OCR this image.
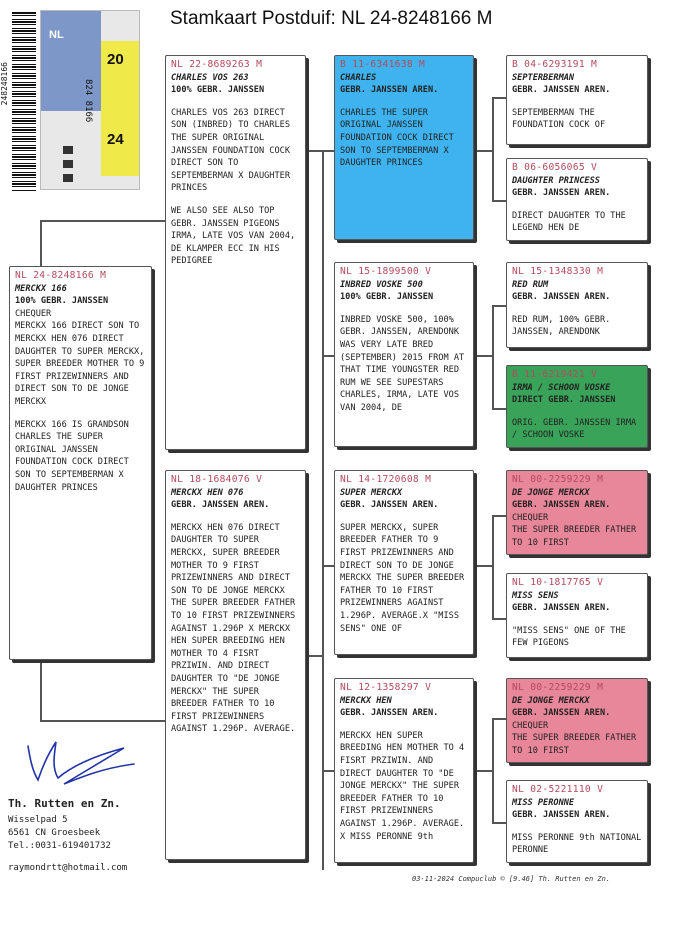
Stamkaart Postduif: NL 24-8248166 M
248248166
NL
20
24
824 8166
NL 24-8248166 M
MERCKX 166
100% GEBR. JANSSEN
CHEQUER
MERCKX 166 DIRECT SON TO MERCKX HEN 076 DIRECT DAUGHTER TO SUPER MERCKX, SUPER BREEDER MOTHER TO 9 FIRST PRIZEWINNERS AND DIRECT SON TO DE JONGE MERCKX
MERCKX 166 IS GRANDSON CHARLES THE SUPER ORIGINAL JANSSEN FOUNDATION COCK DIRECT SON TO SEPTEMBERMAN X DAUGHTER PRINCES
NL 22-8689263 M
CHARLES VOS 263
100% GEBR. JANSSEN
CHARLES VOS 263 DIRECT SON (INBRED) TO CHARLES THE SUPER ORIGINAL JANSSEN FOUNDATION COCK DIRECT SON TO SEPTEMBERMAN X DAUGHTER PRINCES
WE ALSO SEE ALSO TOP GEBR. JANSSEN PIGEONS IRMA, LATE VOS VAN 2004, DE KLAMPER ECC IN HIS PEDIGREE
NL 18-1684076 V
MERCKX HEN 076
GEBR. JANSSEN AREN.
MERCKX HEN 076 DIRECT DAUGHTER TO SUPER MERCKX, SUPER BREEDER MOTHER TO 9 FIRST PRIZEWINNERS AND DIRECT SON TO DE JONGE MERCKX THE SUPER BREEDER FATHER TO 10 FIRST PRIZEWINNERS AGAINST 1.296P X MERCKX HEN SUPER BREEDING HEN MOTHER TO 4 FISRT PRZIWIN. AND DIRECT DAUGHTER TO "DE JONGE MERCKX" THE SUPER BREEDER FATHER TO 10 FIRST PRIZEWINNERS AGAINST 1.296P. AVERAGE.
B 11-6341638 M
CHARLES
GEBR. JANSSEN AREN.
CHARLES THE SUPER ORIGINAL JANSSEN FOUNDATION COCK DIRECT SON TO SEPTEMBERMAN X DAUGHTER PRINCES
NL 15-1899500 V
INBRED VOSKE 500
100% GEBR. JANSSEN
INBRED VOSKE 500, 100% GEBR. JANSSEN, ARENDONK
WAS VERY LATE BRED (SEPTEMBER) 2015 FROM AT THAT TIME YOUNGSTER RED RUM WE SEE SUPESTARS CHARLES, IRMA, LATE VOS VAN 2004, DE
NL 14-1720608 M
SUPER MERCKX
GEBR. JANSSEN AREN.
SUPER MERCKX, SUPER BREEDER FATHER TO 9 FIRST PRIZEWINNERS AND DIRECT SON TO DE JONGE MERCKX THE SUPER BREEDER FATHER TO 10 FIRST PRIZEWINNERS AGAINST 1.296P. AVERAGE.X "MISS SENS" ONE OF
NL 12-1358297 V
MERCKX HEN
GEBR. JANSSEN AREN.
MERCKX HEN SUPER BREEDING HEN MOTHER TO 4 FISRT PRZIWIN. AND DIRECT DAUGHTER TO "DE JONGE MERCKX" THE SUPER BREEDER FATHER TO 10 FIRST PRIZEWINNERS AGAINST 1.296P. AVERAGE. X MISS PERONNE 9th
B 04-6293191 M
SEPTERBERMAN
GEBR. JANSSEN AREN.
SEPTEMBERMAN THE FOUNDATION COCK OF
B 06-6056065 V
DAUGHTER PRINCESS
GEBR. JANSSEN AREN.
DIRECT DAUGHTER TO THE LEGEND HEN DE
NL 15-1348330 M
RED RUM
GEBR. JANSSEN AREN.
RED RUM, 100% GEBR. JANSSEN, ARENDONK
B 11-6219421 V
IRMA / SCHOON VOSKE
DIRECT GEBR. JANSSEN
ORIG. GEBR. JANSSEN IRMA / SCHOON VOSKE
NL 00-2259229 M
DE JONGE MERCKX
GEBR. JANSSEN AREN.
CHEQUER
THE SUPER BREEDER FATHER TO 10 FIRST
NL 10-1817765 V
MISS SENS
GEBR. JANSSEN AREN.
"MISS SENS" ONE OF THE FEW PIGEONS
NL 00-2259229 M
DE JONGE MERCKX
GEBR. JANSSEN AREN.
CHEQUER
THE SUPER BREEDER FATHER TO 10 FIRST
NL 02-5221110 V
MISS PERONNE
GEBR. JANSSEN AREN.
MISS PERONNE 9th NATIONAL PERONNE
Th. Rutten en Zn.
Wisselpad 5
6561 CN Groesbeek
Tel.:0031-619401732
raymondrtt@hotmail.com
03-11-2024 Compuclub © [9.46] Th. Rutten en Zn.
